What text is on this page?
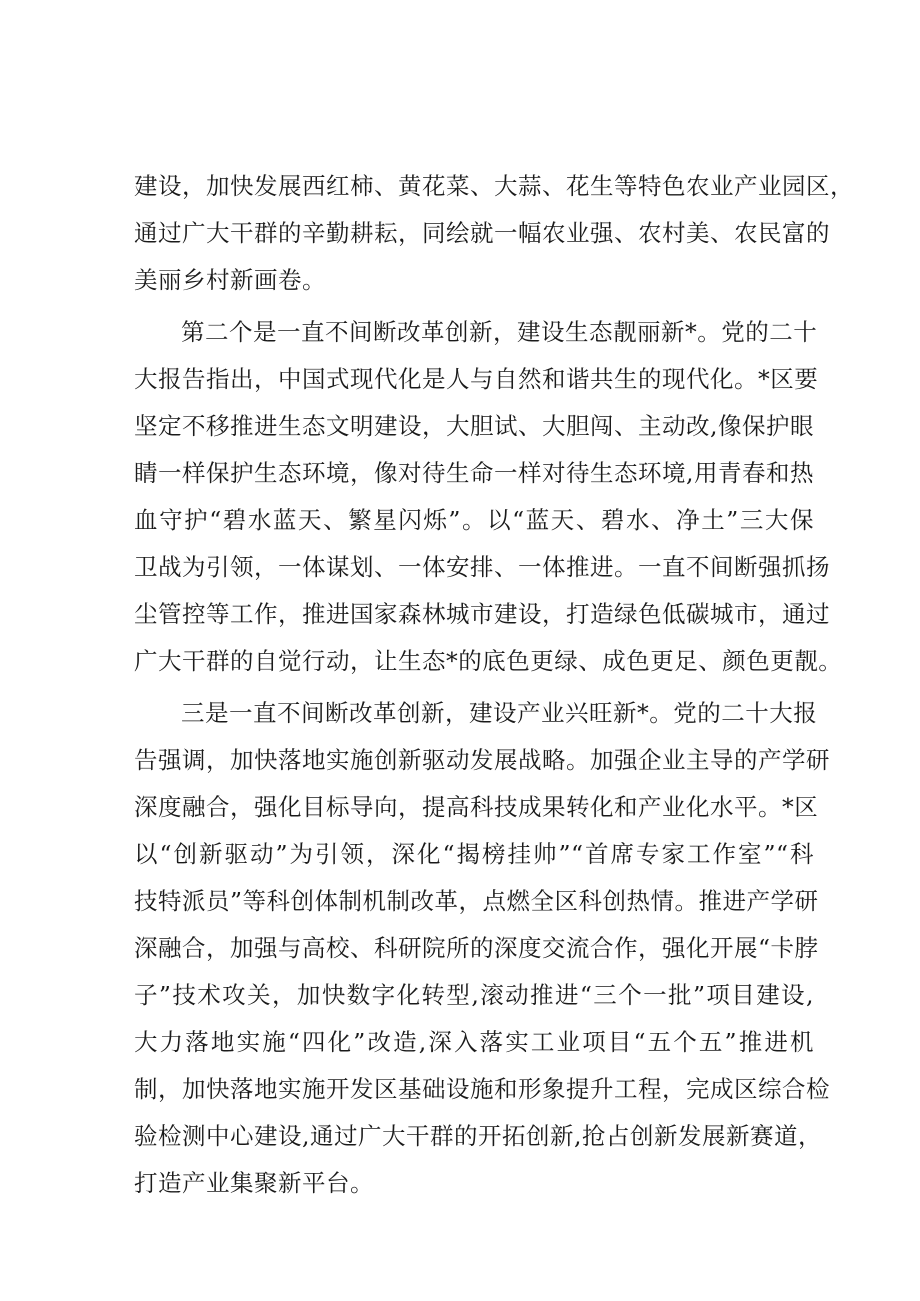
建设，加快发展西红柿、黄花菜、大蒜、花生等特色农业产业园区，
通过广大干群的辛勤耕耘，同绘就一幅农业强、农村美、农民富的
美丽乡村新画卷。
第二个是一直不间断改革创新，建设生态靓丽新*。党的二十
大报告指出，中国式现代化是人与自然和谐共生的现代化。*区要
坚定不移推进生态文明建设，大胆试、大胆闯、主动改,像保护眼
睛一样保护生态环境，像对待生命一样对待生态环境,用青春和热
血守护“碧水蓝天、繁星闪烁”。以“蓝天、碧水、净土”三大保
卫战为引领，一体谋划、一体安排、一体推进。一直不间断强抓扬
尘管控等工作，推进国家森林城市建设，打造绿色低碳城市，通过
广大干群的自觉行动，让生态*的底色更绿、成色更足、颜色更靓。
三是一直不间断改革创新，建设产业兴旺新*。党的二十大报
告强调，加快落地实施创新驱动发展战略。加强企业主导的产学研
深度融合，强化目标导向，提高科技成果转化和产业化水平。*区
以“创新驱动”为引领，深化“揭榜挂帅”“首席专家工作室”“科
技特派员”等科创体制机制改革，点燃全区科创热情。推进产学研
深融合，加强与高校、科研院所的深度交流合作，强化开展“卡脖
子”技术攻关，加快数字化转型,滚动推进“三个一批”项目建设,
大力落地实施“四化”改造,深入落实工业项目“五个五”推进机
制，加快落地实施开发区基础设施和形象提升工程，完成区综合检
验检测中心建设,通过广大干群的开拓创新,抢占创新发展新赛道，
打造产业集聚新平台。
